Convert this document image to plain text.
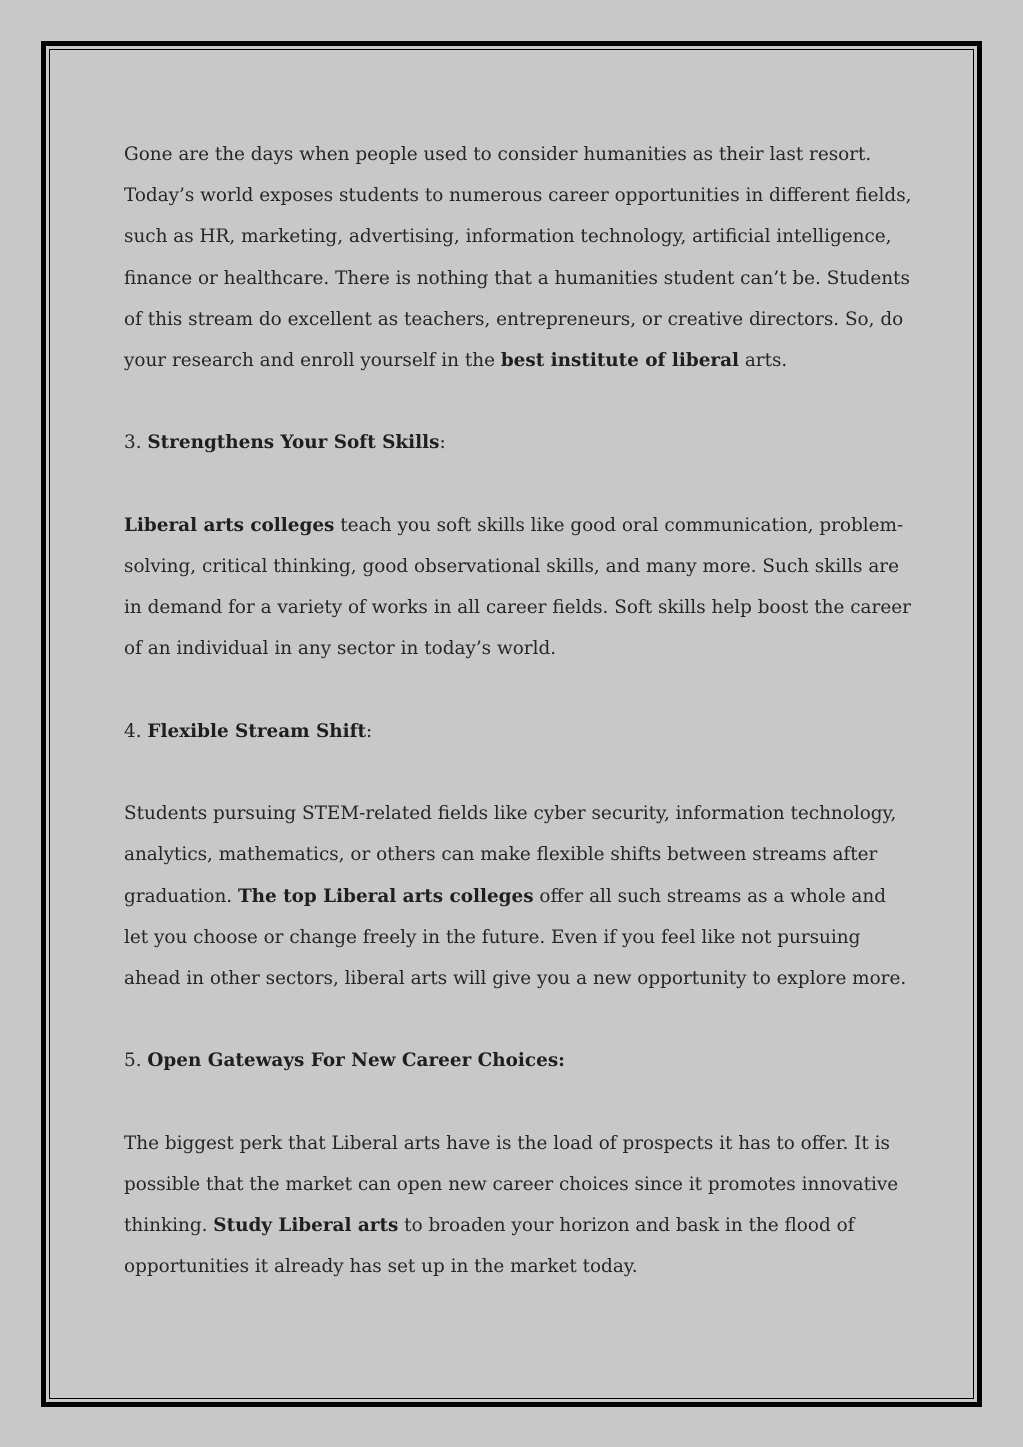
Gone are the days when people used to consider humanities as their last resort. Today’s world exposes students to numerous career opportunities in different fields, such as HR, marketing, advertising, information technology, artificial intelligence, finance or healthcare. There is nothing that a humanities student can’t be. Students of this stream do excellent as teachers, entrepreneurs, or creative directors. So, do your research and enroll yourself in the best institute of liberal arts.

3. Strengthens Your Soft Skills:

Liberal arts colleges teach you soft skills like good oral communication, problem-solving, critical thinking, good observational skills, and many more. Such skills are in demand for a variety of works in all career fields. Soft skills help boost the career of an individual in any sector in today’s world.

4. Flexible Stream Shift:

Students pursuing STEM-related fields like cyber security, information technology, analytics, mathematics, or others can make flexible shifts between streams after graduation. The top Liberal arts colleges offer all such streams as a whole and let you choose or change freely in the future. Even if you feel like not pursuing ahead in other sectors, liberal arts will give you a new opportunity to explore more.

5. Open Gateways For New Career Choices:

The biggest perk that Liberal arts have is the load of prospects it has to offer. It is possible that the market can open new career choices since it promotes innovative thinking. Study Liberal arts to broaden your horizon and bask in the flood of opportunities it already has set up in the market today.
